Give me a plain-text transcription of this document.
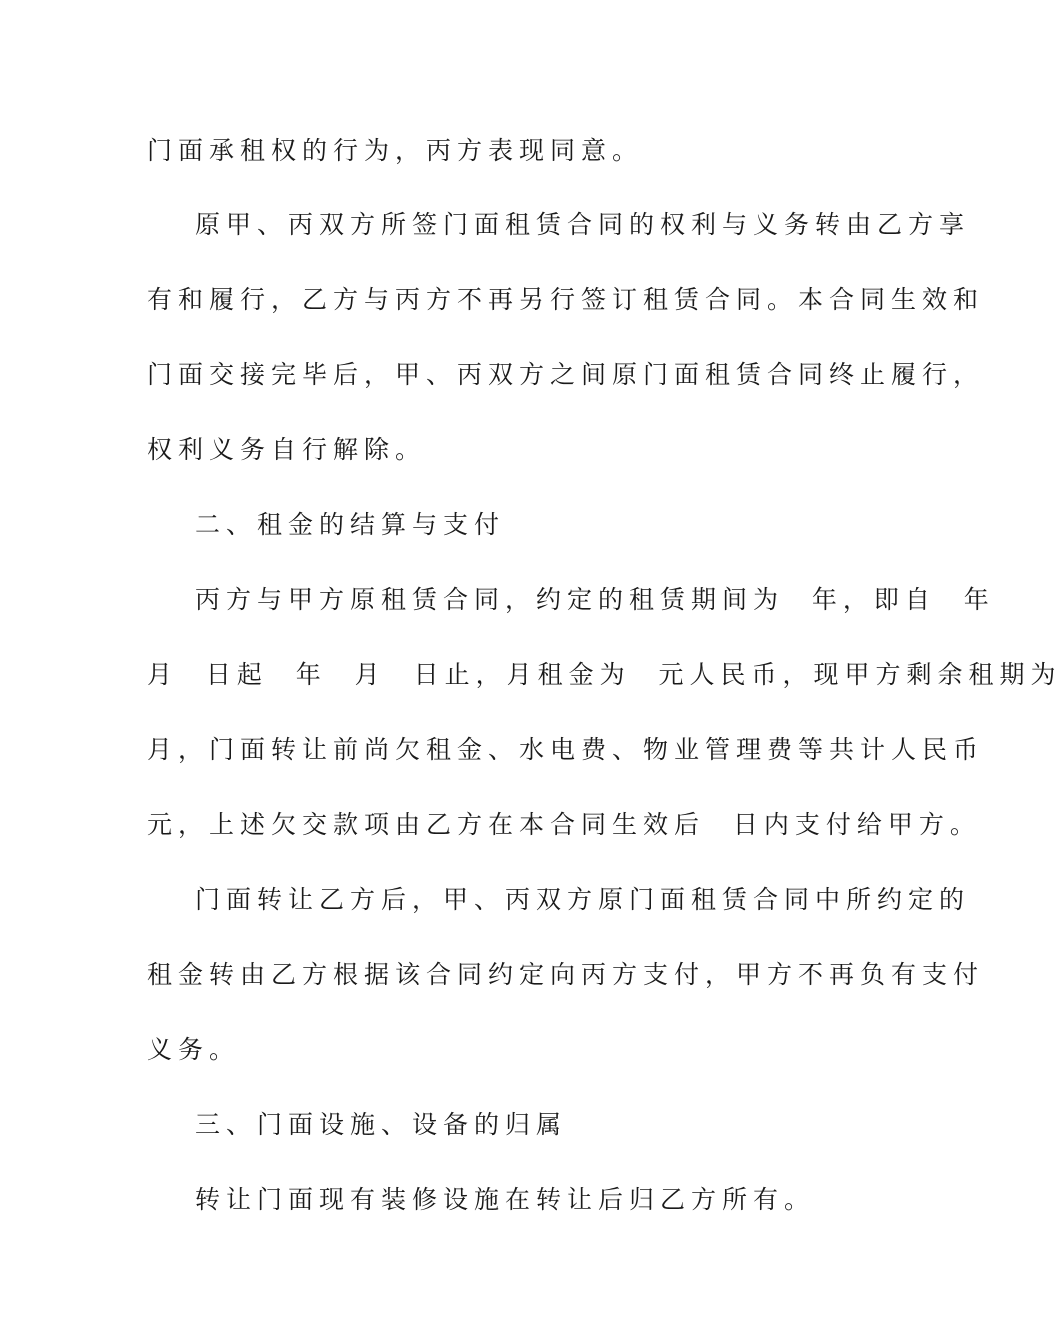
门面承租权的行为，丙方表现同意。
原甲、丙双方所签门面租赁合同的权利与义务转由乙方享
有和履行，乙方与丙方不再另行签订租赁合同。本合同生效和
门面交接完毕后，甲、丙双方之间原门面租赁合同终止履行，
权利义务自行解除。
二、租金的结算与支付
丙方与甲方原租赁合同，约定的租赁期间为  年，即自  年
月  日起  年  月  日止，月租金为  元人民币，现甲方剩余租期为
月，门面转让前尚欠租金、水电费、物业管理费等共计人民币
元，上述欠交款项由乙方在本合同生效后  日内支付给甲方。
门面转让乙方后，甲、丙双方原门面租赁合同中所约定的
租金转由乙方根据该合同约定向丙方支付，甲方不再负有支付
义务。
三、门面设施、设备的归属
转让门面现有装修设施在转让后归乙方所有。
